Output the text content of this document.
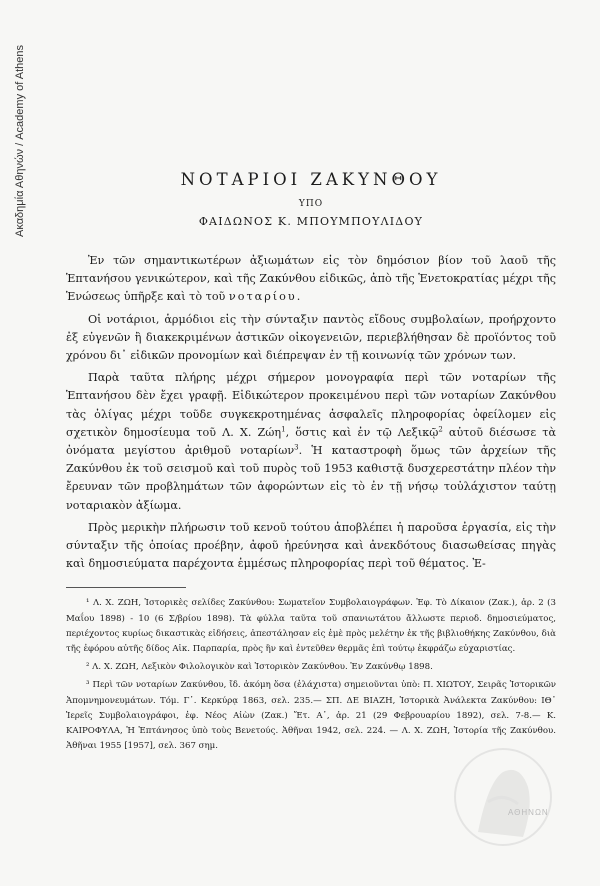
Ακαδημία Αθηνών / Academy of Athens	ΝΟΤΑΡΙΟΙ ΖΑΚΥΝΘΟΥ
ΥΠΟ
ΦΑΙΔΩΝΟΣ Κ. ΜΠΟΥΜΠΟΥΛΙΔΟΥ

Ἐν τῶν σημαντικωτέρων ἀξιωμάτων εἰς τὸν δημόσιον βίον τοῦ λαοῦ τῆς Ἑπτανήσου γενικώτερον, καὶ τῆς Ζακύνθου εἰδικῶς, ἀπὸ τῆς Ἑνετοκρατίας μέχρι τῆς Ἑνώσεως ὑπῆρξε καὶ τὸ τοῦ νοταρίου.

Οἱ νοτάριοι, ἁρμόδιοι εἰς τὴν σύνταξιν παντὸς εἴδους συμβολαίων, προήρχοντο ἐξ εὐγενῶν ἢ διακεκριμένων ἀστικῶν οἰκογενειῶν, περιεβλήθησαν δὲ προϊόντος τοῦ χρόνου δι᾿ εἰδικῶν προνομίων καὶ διέπρεψαν ἐν τῇ κοινωνίᾳ τῶν χρόνων των.

Παρὰ ταῦτα πλήρης μέχρι σήμερον μονογραφία περὶ τῶν νοταρίων τῆς Ἑπτανήσου δὲν ἔχει γραφῇ. Εἰδικώτερον προκειμένου περὶ τῶν νοταρίων Ζακύνθου τὰς ὀλίγας μέχρι τοῦδε συγκεκροτημένας ἀσφαλεῖς πληροφορίας ὀφείλομεν εἰς σχετικὸν δημοσίευμα τοῦ Λ. Χ. Ζώη$^1$, ὅστις καὶ ἐν τῷ Λεξικῷ$^2$ αὐτοῦ διέσωσε τὰ ὀνόματα μεγίστου ἀριθμοῦ νοταρίων$^3$. Ἡ καταστροφὴ ὅμως τῶν ἀρχείων τῆς Ζακύνθου ἐκ τοῦ σεισμοῦ καὶ τοῦ πυρὸς τοῦ 1953 καθιστᾷ δυσχερεστάτην πλέον τὴν ἔρευναν τῶν προβλημάτων τῶν ἀφορώντων εἰς τὸ ἐν τῇ νήσῳ τοὐλάχιστον ταύτῃ νοταριακὸν ἀξίωμα.

Πρὸς μερικὴν πλήρωσιν τοῦ κενοῦ τούτου ἀποβλέπει ἡ παροῦσα ἐργασία, εἰς τὴν σύνταξιν τῆς ὁποίας προέβην, ἀφοῦ ἠρεύνησα καὶ ἀνεκδότους διασωθείσας πηγὰς καὶ δημοσιεύματα παρέχοντα ἐμμέσως πληροφορίας περὶ τοῦ θέματος. Ἐ-

¹ Λ. Χ. ΖΩΗ, Ἱστορικὲς σελίδες Ζακύνθου: Σωματεῖον Συμβολαιογράφων. Ἐφ. Τὸ Δίκαιον (Ζακ.), ἀρ. 2 (3 Μαΐου 1898) - 10 (6 Σ/βρίου 1898). Τὰ φύλλα ταῦτα τοῦ σπανιωτάτου ἄλλωστε περιοδ. δημοσιεύματος, περιέχοντος κυρίως δικαστικὰς εἰδήσεις, ἀπεστάλησαν εἰς ἐμὲ πρὸς μελέτην ἐκ τῆς βιβλιοθήκης Ζακύνθου, διὰ τῆς ἐφόρου αὐτῆς δίδος Αἰκ. Παρπαρία, πρὸς ἣν καὶ ἐντεῦθεν θερμᾶς ἐπὶ τούτῳ ἐκφράζω εὐχαριστίας.

² Λ. Χ. ΖΩΗ, Λεξικὸν Φιλολογικὸν καὶ Ἱστορικὸν Ζακύνθου. Ἐν Ζακύνθῳ 1898.

³ Περὶ τῶν νοταρίων Ζακύνθου, ἴδ. ἀκόμη ὅσα (ἐλάχιστα) σημειοῦνται ὑπὸ: Π. ΧΙΩΤΟΥ, Σειρᾶς Ἱστορικῶν Ἀπομνημονευμάτων. Τόμ. Γ᾿. Κερκύρᾳ 1863, σελ. 235.— ΣΠ. ΔΕ ΒΙΑΖΗ, Ἱστορικὰ Ἀνάλεκτα Ζακύνθου: ΙΘ᾿ Ἱερεῖς Συμβολαιογράφοι, ἐφ. Νέος Αἰὼν (Ζακ.) Ἔτ. Α᾿, ἀρ. 21 (29 Φεβρουαρίου 1892), σελ. 7-8.— Κ. ΚΑΙΡΟΦΥΛΑ, Ἡ Ἑπτάνησος ὑπὸ τοὺς Βενετούς. Ἀθῆναι 1942, σελ. 224. — Λ. Χ. ΖΩΗ, Ἱστορία τῆς Ζακύνθου. Ἀθῆναι 1955 [1957], σελ. 367 σημ.

ΑΘΗΝΩΝ
